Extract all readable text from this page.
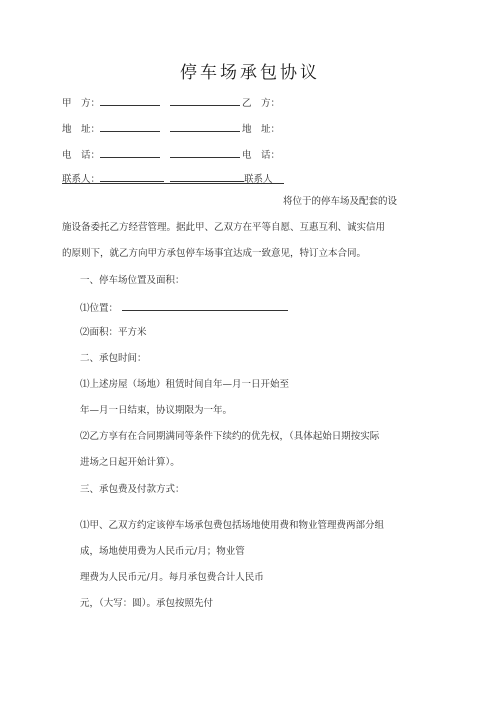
停车场承包协议
甲　方：	乙　方：
地　址：	地　址：
电　话：	电　话：
联系人：	联系人
将位于的停车场及配套的设
施设备委托乙方经营管理。据此甲、乙双方在平等自愿、互惠互利、诚实信用
的原则下，就乙方向甲方承包停车场事宜达成一致意见，特订立本合同。
一、停车场位置及面积：
⑴位置：
⑵面积：平方米
二、承包时间：
⑴上述房屋（场地）租赁时间自年—月一日开始至
年—月一日结束，协议期限为一年。
⑵乙方享有在合同期满同等条件下续约的优先权，（具体起始日期按实际
进场之日起开始计算）。
三、承包费及付款方式：
⑴甲、乙双方约定该停车场承包费包括场地使用费和物业管理费两部分组
成，场地使用费为人民币元/月；物业管
理费为人民币元/月。每月承包费合计人民币
元，（大写：圆）。承包按照先付
